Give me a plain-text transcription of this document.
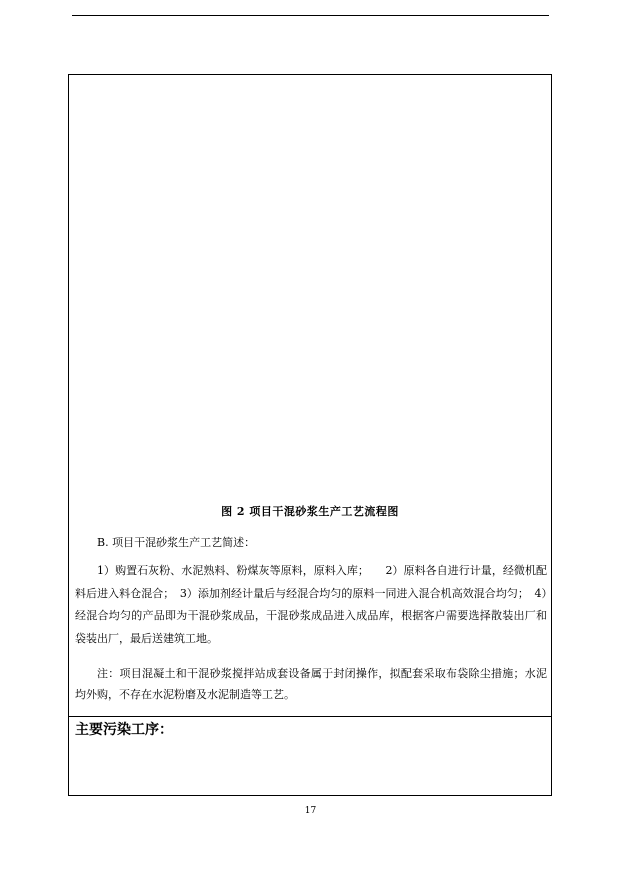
图 2 项目干混砂浆生产工艺流程图
B. 项目干混砂浆生产工艺简述：
1）购置石灰粉、水泥熟料、粉煤灰等原料，原料入库；　　2）原料各自进行计量，经微机配料后进入料仓混合；　3）添加剂经计量后与经混合均匀的原料一同进入混合机高效混合均匀；　4）经混合均匀的产品即为干混砂浆成品，干混砂浆成品进入成品库，根据客户需要选择散装出厂和袋装出厂，最后送建筑工地。
注：项目混凝土和干混砂浆搅拌站成套设备属于封闭操作，拟配套采取布袋除尘措施；水泥均外购，不存在水泥粉磨及水泥制造等工艺。
主要污染工序：
17
